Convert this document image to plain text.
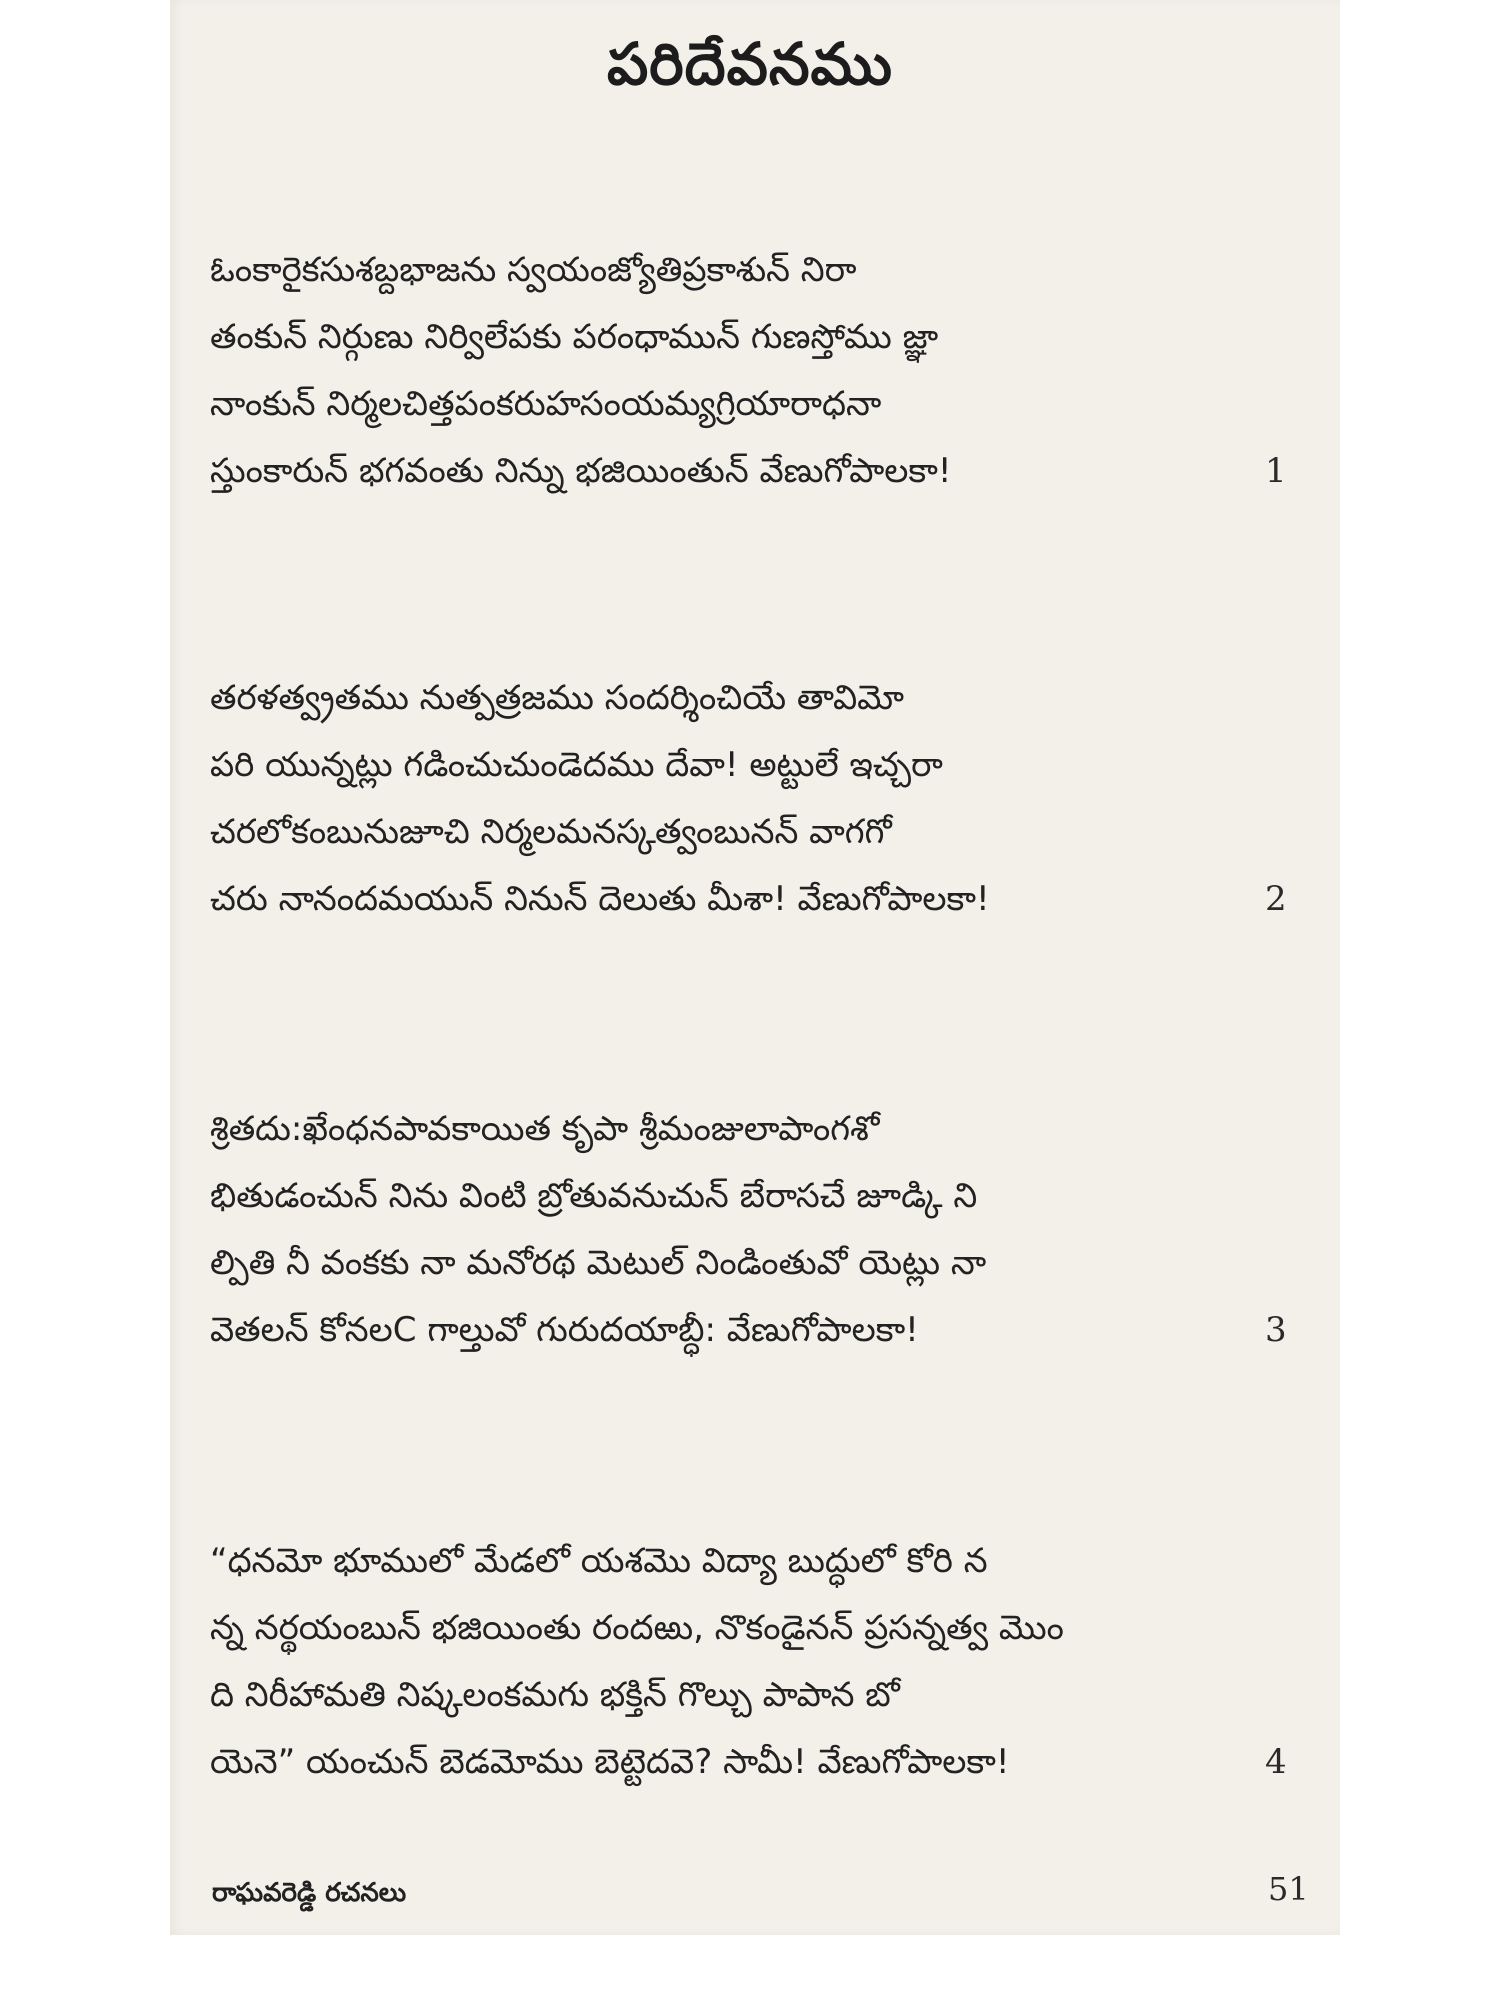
పరిదేవనము
ఓంకారైకసుశబ్దభాజను స్వయంజ్యోతిప్రకాశున్ నిరా
తంకున్ నిర్గుణు నిర్విలేపకు పరంధామున్ గుణస్తోము జ్ఞా
నాంకున్ నిర్మలచిత్తపంకరుహసంయమ్యగ్రియారాధనా
స్తుంకారున్ భగవంతు నిన్ను భజియింతున్ వేణుగోపాలకా!	1
తరళత్వ్రతము నుత్పత్రజము సందర్శించియే తావిమో
పరి యున్నట్లు గడించుచుండెదము దేవా! అట్టులే ఇచ్చరా
చరలోకంబునుజూచి నిర్మలమనస్కత్వంబునన్ వాగగో
చరు నానందమయున్ నినున్ దెలుతు మీశా! వేణుగోపాలకా!	2
శ్రితదు:ఖేంధనపావకాయిత కృపా శ్రీమంజులాపాంగశో
భితుడంచున్ నిను వింటి బ్రోతువనుచున్ బేరాసచే జూడ్కి ని
ల్పితి నీ వంకకు నా మనోరథ మెటుల్ నిండింతువో యెట్లు నా
వెతలన్ కోనలC గాల్తువో గురుదయాబ్ధీ: వేణుగోపాలకా!	3
“ధనమో భూములో మేడలో యశమొ విద్యా బుద్ధులో కోరి న
న్న నర్థయంబున్ భజియింతు రందఱు, నొకండైనన్ ప్రసన్నత్వ మొం
ది నిరీహామతి నిష్కలంకమగు భక్తిన్ గొల్చు పాపాన బో
యెనె” యంచున్ బెడమోము బెట్టెదవె? సామీ! వేణుగోపాలకా!	4
రాఘవరెడ్డి రచనలు	51
